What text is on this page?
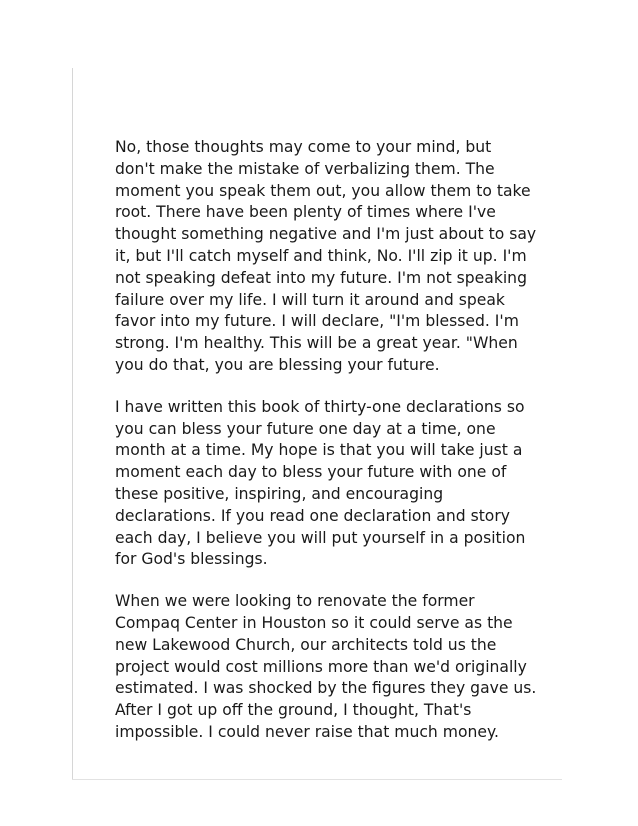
No, those thoughts may come to your mind, but
don't make the mistake of verbalizing them. The
moment you speak them out, you allow them to take
root. There have been plenty of times where I've
thought something negative and I'm just about to say
it, but I'll catch myself and think, No. I'll zip it up. I'm
not speaking defeat into my future. I'm not speaking
failure over my life. I will turn it around and speak
favor into my future. I will declare, "I'm blessed. I'm
strong. I'm healthy. This will be a great year. "When
you do that, you are blessing your future.

I have written this book of thirty-one declarations so
you can bless your future one day at a time, one
month at a time. My hope is that you will take just a
moment each day to bless your future with one of
these positive, inspiring, and encouraging
declarations. If you read one declaration and story
each day, I believe you will put yourself in a position
for God's blessings.

When we were looking to renovate the former
Compaq Center in Houston so it could serve as the
new Lakewood Church, our architects told us the
project would cost millions more than we'd originally
estimated. I was shocked by the figures they gave us.
After I got up off the ground, I thought, That's
impossible. I could never raise that much money.
